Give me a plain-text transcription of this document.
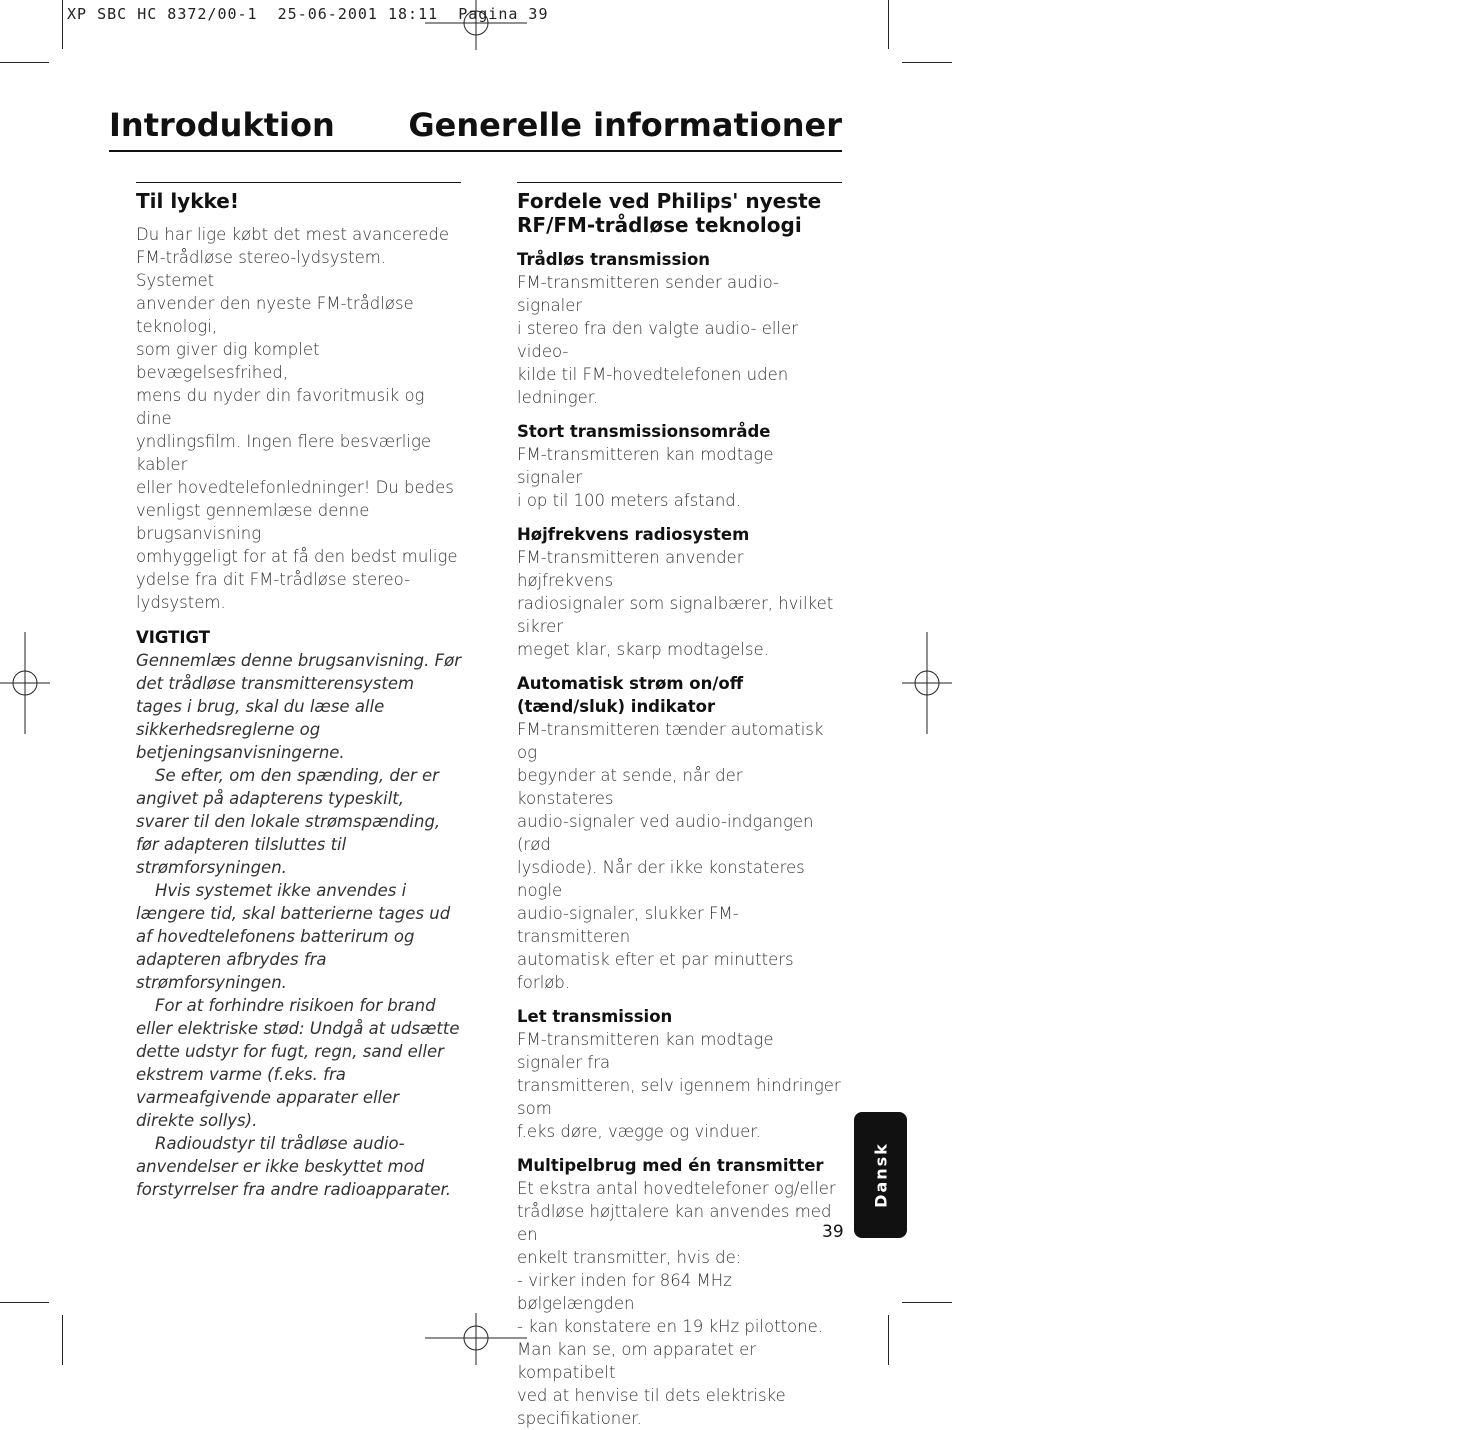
XP SBC HC 8372/00-1  25-06-2001 18:11  Pagina 39
Introduktion Generelle informationer
Til lykke!

Du har lige købt det mest avancerede
FM-trådløse stereo-lydsystem. Systemet
anvender den nyeste FM-trådløse teknologi,
som giver dig komplet bevægelsesfrihed,
mens du nyder din favoritmusik og dine
yndlingsfilm. Ingen flere besværlige kabler
eller hovedtelefonledninger! Du bedes
venligst gennemlæse denne brugsanvisning
omhyggeligt for at få den bedst mulige
ydelse fra dit FM-trådløse stereo-lydsystem.

VIGTIGT

Gennemlæs denne brugsanvisning. Før det trådløse transmitterensystem tages i brug, skal du læse alle sikkerhedsreglerne og betjeningsanvisningerne.

Se efter, om den spænding, der er angivet på adapterens typeskilt, svarer til den lokale strømspænding, før adapteren tilsluttes til strømforsyningen.

Hvis systemet ikke anvendes i længere tid, skal batterierne tages ud af hovedtelefonens batterirum og adapteren afbrydes fra strømforsyningen.

For at forhindre risikoen for brand eller elektriske stød: Undgå at udsætte dette udstyr for fugt, regn, sand eller ekstrem varme (f.eks. fra varmeafgivende apparater eller direkte sollys).

Radioudstyr til trådløse audio-anvendelser er ikke beskyttet mod forstyrrelser fra andre radioapparater.

Fordele ved Philips' nyeste RF/FM-trådløse teknologi
Trådløs transmission

FM-transmitteren sender audio-signaler
i stereo fra den valgte audio- eller video-
kilde til FM-hovedtelefonen uden ledninger.

Stort transmissionsområde

FM-transmitteren kan modtage signaler
i op til 100 meters afstand.

Højfrekvens radiosystem

FM-transmitteren anvender højfrekvens
radiosignaler som signalbærer, hvilket sikrer
meget klar, skarp modtagelse.

Automatisk strøm on/off (tænd/sluk) indikator

FM-transmitteren tænder automatisk og
begynder at sende, når der konstateres
audio-signaler ved audio-indgangen (rød
lysdiode). Når der ikke konstateres nogle
audio-signaler, slukker FM-transmitteren
automatisk efter et par minutters forløb.

Let transmission

FM-transmitteren kan modtage signaler fra
transmitteren, selv igennem hindringer som
f.eks døre, vægge og vinduer.

Multipelbrug med én transmitter

Et ekstra antal hovedtelefoner og/eller
trådløse højttalere kan anvendes med en
enkelt transmitter, hvis de:
- virker inden for 864 MHz bølgelængden
- kan konstatere en 19 kHz pilottone.

Man kan se, om apparatet er kompatibelt
ved at henvise til dets elektriske
specifikationer.

39
Dansk
